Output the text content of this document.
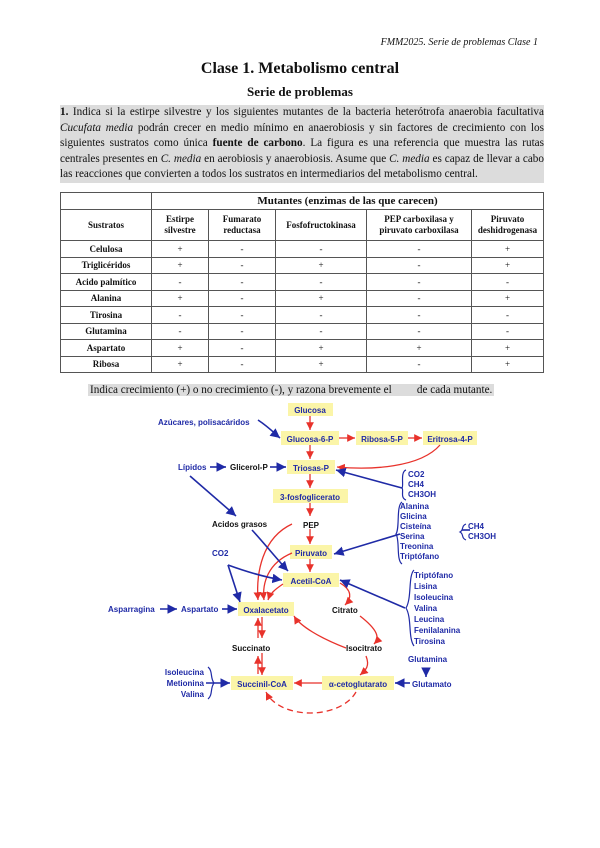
FMM2025. Serie de problemas Clase 1
Clase 1. Metabolismo central
Serie de problemas
1. Indica si la estirpe silvestre y los siguientes mutantes de la bacteria heterótrofa anaerobia facultativa Cucufata media podrán crecer en medio mínimo en anaerobiosis y sin factores de crecimiento con los siguientes sustratos como única fuente de carbono. La figura es una referencia que muestra las rutas centrales presentes en C. media en aerobiosis y anaerobiosis. Asume que C. media es capaz de llevar a cabo las reacciones que convierten a todos los sustratos en intermediarios del metabolismo central.
	Mutantes (enzimas de las que carecen)				
Sustratos	Estirpe silvestre	Fumarato reductasa	Fosfofructokinasa	PEP carboxilasa y piruvato carboxilasa	Piruvato deshidrogenasa
Celulosa	+	-	-	-	+
Triglicéridos	+	-	+	-	+
Acido palmítico	-	-	-	-	-
Alanina	+	-	+	-	+
Tirosina	-	-	-	-	-
Glutamina	-	-	-	-	-
Aspartato	+	-	+	+	+
Ribosa	+	-	+	-	+
Indica crecimiento (+) o no crecimiento (-), y razona brevemente el de cada mutante.
Glucosa
Glucosa-6-P	Ribosa-5-P	Eritrosa-4-P
Triosas-P
3-fosfoglicerato
Piruvato
Acetil-CoA
Oxalacetato
Succinil-CoA	α-cetoglutarato
Azúcares, polisacáridos
Lípidos
CO2
Asparragina	Aspartato
Glutamina
Glutamato
CO2
CH4
CH3OH
Alanina
Glicina
Cisteína
Serina
Treonina
Triptófano
CH4
CH3OH
Triptófano
Lisina
Isoleucina
Valina
Leucina
Fenilalanina
Tirosina
Isoleucina
Metionina
Valina
Glicerol-P
Acidos grasos	PEP
Citrato
Succinato	Isocitrato
